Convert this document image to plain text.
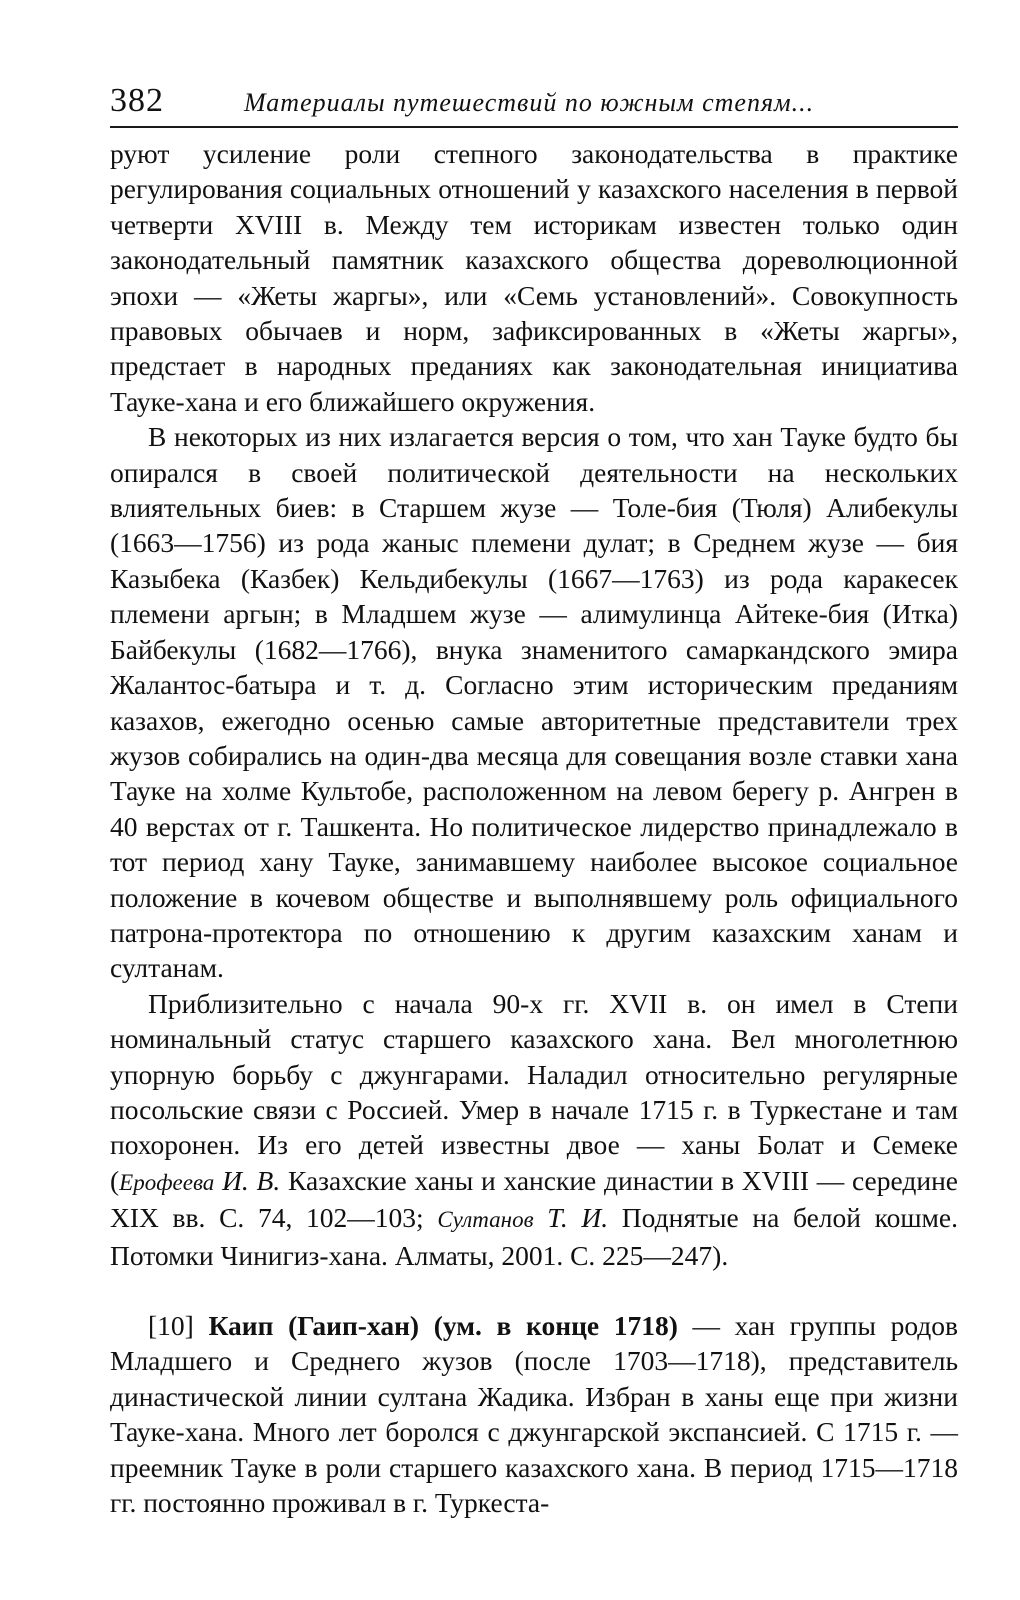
382	Материалы путешествий по южным степям...

руют усиление роли степного законодательства в практике регулирования социальных отношений у казахского населения в первой четверти XVIII в. Между тем историкам известен только один законодательный памятник казахского общества дореволюционной эпохи — «Жеты жаргы», или «Семь установлений». Совокупность правовых обычаев и норм, зафиксированных в «Жеты жаргы», предстает в народных преданиях как законодательная инициатива Тауке-хана и его ближайшего окружения.

В некоторых из них излагается версия о том, что хан Тауке будто бы опирался в своей политической деятельности на нескольких влиятельных биев: в Старшем жузе — Толе-бия (Тюля) Алибекулы (1663—1756) из рода жаныс племени дулат; в Среднем жузе — бия Казыбека (Казбек) Кельдибекулы (1667—1763) из рода каракесек племени аргын; в Младшем жузе — алимулинца Айтеке-бия (Итка) Байбекулы (1682—1766), внука знаменитого самаркандского эмира Жалантос-батыра и т. д. Согласно этим историческим преданиям казахов, ежегодно осенью самые авторитетные представители трех жузов собирались на один-два месяца для совещания возле ставки хана Тауке на холме Культобе, расположенном на левом берегу р. Ангрен в 40 верстах от г. Ташкента. Но политическое лидерство принадлежало в тот период хану Тауке, занимавшему наиболее высокое социальное положение в кочевом обществе и выполнявшему роль официального патрона-протектора по отношению к другим казахским ханам и султанам.

Приблизительно с начала 90-х гг. XVII в. он имел в Степи номинальный статус старшего казахского хана. Вел многолетнюю упорную борьбу с джунгарами. Наладил относительно регулярные посольские связи с Россией. Умер в начале 1715 г. в Туркестане и там похоронен. Из его детей известны двое — ханы Болат и Семеке (Ерофеева И. В. Казахские ханы и ханские династии в XVIII — середине XIX вв. С. 74, 102—103; Султанов Т. И. Поднятые на белой кошме. Потомки Чинигиз-хана. Алматы, 2001. С. 225—247).

[10] Каип (Гаип-хан) (ум. в конце 1718) — хан группы родов Младшего и Среднего жузов (после 1703—1718), представитель династической линии султана Жадика. Избран в ханы еще при жизни Тауке-хана. Много лет боролся с джунгарской экспансией. С 1715 г. — преемник Тауке в роли старшего казахского хана. В период 1715—1718 гг. постоянно проживал в г. Туркеста-
